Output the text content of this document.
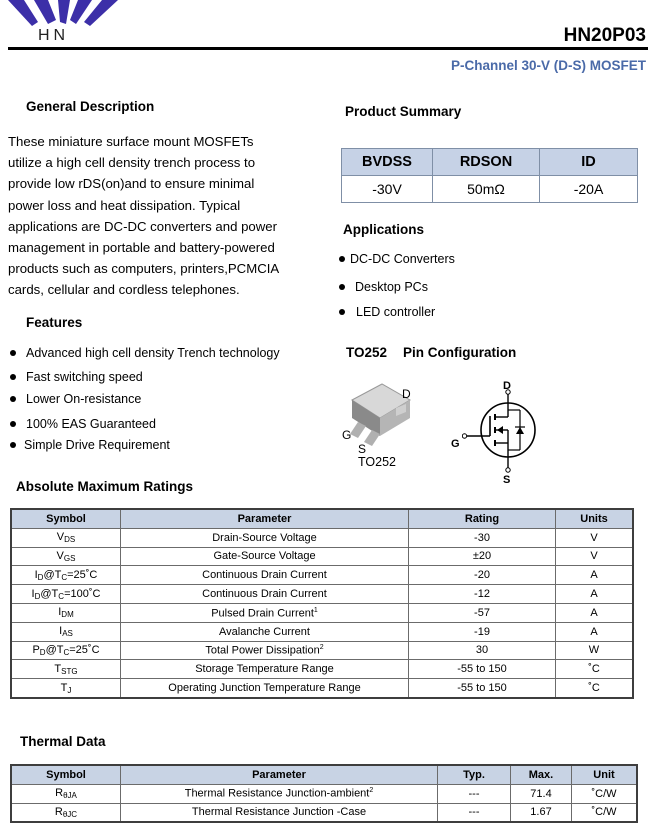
HN	HN20P03
P-Channel 30-V (D-S) MOSFET
General Description
These miniature surface mount MOSFETs
utilize a high cell density trench process to
provide low rDS(on)and to ensure minimal
power loss and heat dissipation. Typical
applications are DC-DC converters and power
management in portable and battery-powered
products such as computers, printers,PCMCIA
cards, cellular and cordless telephones.
Features
Advanced high cell density Trench technology
Fast switching speed
Lower On-resistance
100% EAS Guaranteed
Simple Drive Requirement
Product Summary
BVDSS	RDSON	ID
-30V	50mΩ	-20A
Applications
DC-DC Converters
Desktop PCs
LED controller
TO252 Pin Configuration
D
G
S
TO252
D
G
S
Absolute Maximum Ratings
Symbol	Parameter	Rating	Units
$V_{DS}$	Drain-Source Voltage	-30	V
$V_{GS}$	Gate-Source Voltage	±20	V
$I_D@T_C=25˚C$	Continuous Drain Current	-20	A
$I_D@T_C=100˚C$	Continuous Drain Current	-12	A
$I_{DM}$	Pulsed Drain Current$^1$	-57	A
$I_{AS}$	Avalanche Current	-19	A
$P_D@T_C=25˚C$	Total Power Dissipation$^2$	30	W
$T_{STG}$	Storage Temperature Range	-55 to 150	˚C
$T_J$	Operating Junction Temperature Range	-55 to 150	˚C
Thermal Data
Symbol	Parameter	Typ.	Max.	Unit
$R_{\theta JA}$	Thermal Resistance Junction-ambient$^2$	---	71.4	˚C/W
$R_{\theta JC}$	Thermal Resistance Junction -Case	---	1.67	˚C/W
